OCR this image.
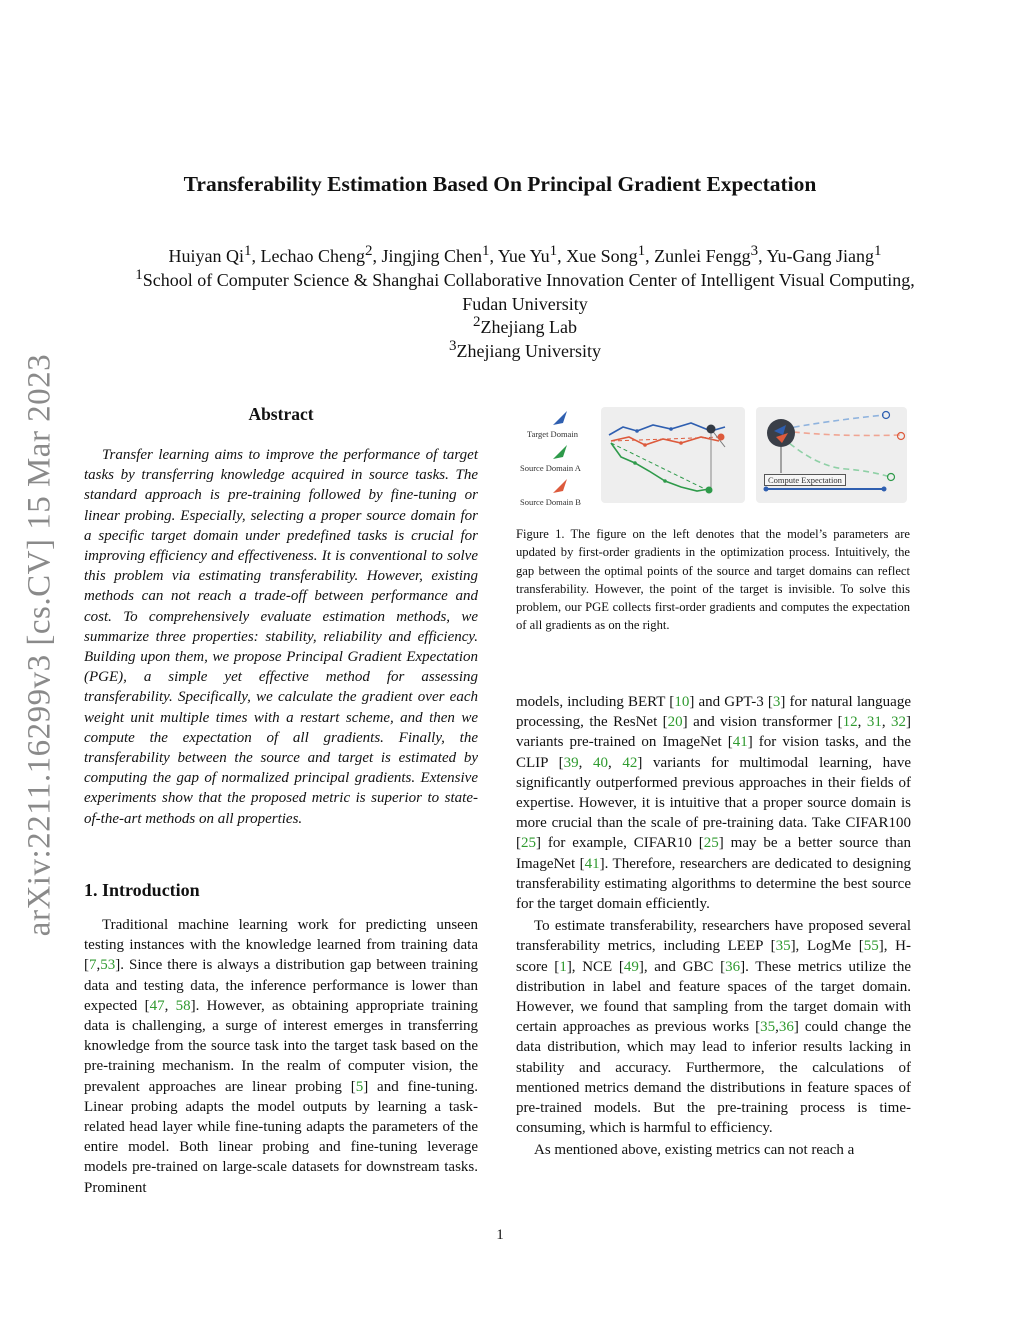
arXiv:2211.16299v3 [cs.CV] 15 Mar 2023
Transferability Estimation Based On Principal Gradient Expectation
Huiyan Qi$^1$, Lechao Cheng$^2$, Jingjing Chen$^1$, Yue Yu$^1$, Xue Song$^1$, Zunlei Fengg$^3$, Yu-Gang Jiang$^1$
$^1$School of Computer Science & Shanghai Collaborative Innovation Center of Intelligent Visual Computing,
Fudan University
$^2$Zhejiang Lab
$^3$Zhejiang University
Abstract

Transfer learning aims to improve the performance of target tasks by transferring knowledge acquired in source tasks. The standard approach is pre-training followed by fine-tuning or linear probing. Especially, selecting a proper source domain for a specific target domain under predefined tasks is crucial for improving efficiency and effectiveness. It is conventional to solve this problem via estimating transferability. However, existing methods can not reach a trade-off between performance and cost. To comprehensively evaluate estimation methods, we summarize three properties: stability, reliability and efficiency. Building upon them, we propose Principal Gradient Expectation (PGE), a simple yet effective method for assessing transferability. Specifically, we calculate the gradient over each weight unit multiple times with a restart scheme, and then we compute the expectation of all gradients. Finally, the transferability between the source and target is estimated by computing the gap of normalized principal gradients. Extensive experiments show that the proposed metric is superior to state-of-the-art methods on all properties.

1. Introduction

Traditional machine learning work for predicting unseen testing instances with the knowledge learned from training data [7,53]. Since there is always a distribution gap between training data and testing data, the inference performance is lower than expected [47, 58]. However, as obtaining appropriate training data is challenging, a surge of interest emerges in transferring knowledge from the source task into the target task based on the pre-training mechanism. In the realm of computer vision, the prevalent approaches are linear probing [5] and fine-tuning. Linear probing adapts the model outputs by learning a task-related head layer while fine-tuning adapts the parameters of the entire model. Both linear probing and fine-tuning leverage models pre-trained on large-scale datasets for downstream tasks. Prominent

Target Domain
Source Domain A
Source Domain B
Compute Expectation
Figure 1. The figure on the left denotes that the model’s parameters are updated by first-order gradients in the optimization process. Intuitively, the gap between the optimal points of the source and target domains can reflect transferability. However, the point of the target is invisible. To solve this problem, our PGE collects first-order gradients and computes the expectation of all gradients as on the right.

models, including BERT [10] and GPT-3 [3] for natural language processing, the ResNet [20] and vision transformer [12, 31, 32] variants pre-trained on ImageNet [41] for vision tasks, and the CLIP [39, 40, 42] variants for multimodal learning, have significantly outperformed previous approaches in their fields of expertise. However, it is intuitive that a proper source domain is more crucial than the scale of pre-training data. Take CIFAR100 [25] for example, CIFAR10 [25] may be a better source than ImageNet [41]. Therefore, researchers are dedicated to designing transferability estimating algorithms to determine the best source for the target domain efficiently.

To estimate transferability, researchers have proposed several transferability metrics, including LEEP [35], LogMe [55], H-score [1], NCE [49], and GBC [36]. These metrics utilize the distribution in label and feature spaces of the target domain. However, we found that sampling from the target domain with certain approaches as previous works [35,36] could change the data distribution, which may lead to inferior results lacking in stability and accuracy. Furthermore, the calculations of mentioned metrics demand the distributions in feature spaces of pre-trained models. But the pre-training process is time-consuming, which is harmful to efficiency.

As mentioned above, existing metrics can not reach a

1
